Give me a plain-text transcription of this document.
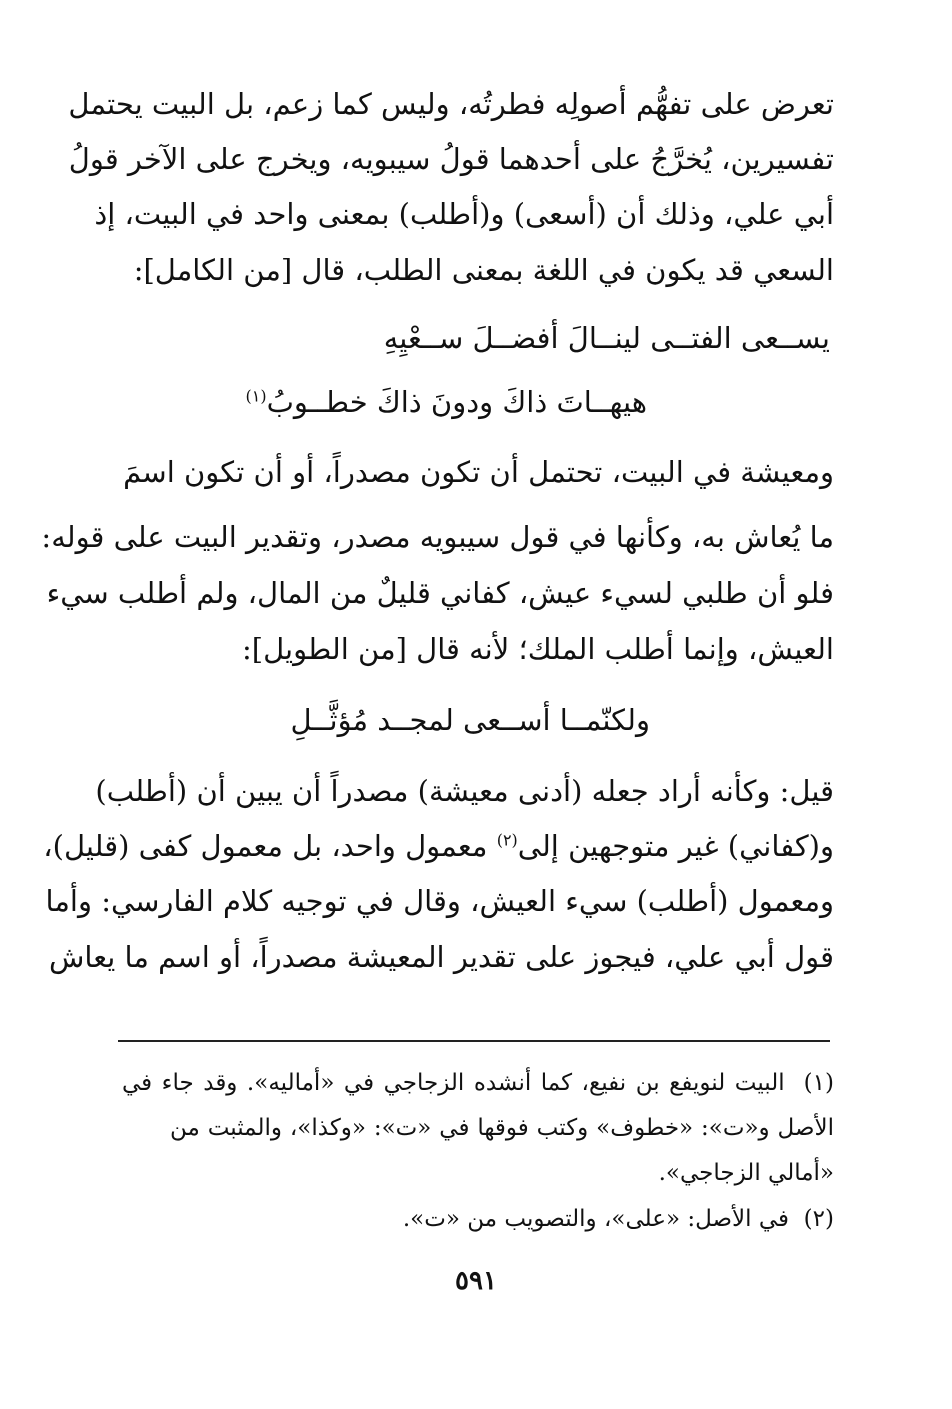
تعرض على تفهُّم أصولِه فطرتُه، وليس كما زعم، بل البيت يحتمل
تفسيرين، يُخرَّجُ على أحدهما قولُ سيبويه، ويخرج على الآخر قولُ
أبي علي، وذلك أن (أسعى) و(أطلب) بمعنى واحد في البيت، إذ
السعي قد يكون في اللغة بمعنى الطلب، قال [من الكامل]:
يســعى الفتــى لينــالَ أفضــلَ ســعْيِهِ
هيهــاتَ ذاكَ ودونَ ذاكَ خطــوبُ$^{(١)}$
ومعيشة في البيت، تحتمل أن تكون مصدراً، أو أن تكون اسمَ
ما يُعاش به، وكأنها في قول سيبويه مصدر، وتقدير البيت على قوله:
فلو أن طلبي لسيء عيش، كفاني قليلٌ من المال، ولم أطلب سيء
العيش، وإنما أطلب الملك؛ لأنه قال [من الطويل]:
ولكنّمــا أســعى لمجــد مُؤثَّــلِ
قيل: وكأنه أراد جعله (أدنى معيشة) مصدراً أن يبين أن (أطلب)
و(كفاني) غير متوجهين إلى$^{(٢)}$ معمول واحد، بل معمول كفى (قليل)،
ومعمول (أطلب) سيء العيش، وقال في توجيه كلام الفارسي: وأما
قول أبي علي، فيجوز على تقدير المعيشة مصدراً، أو اسم ما يعاش
(١)  البيت لنويفع بن نفيع، كما أنشده الزجاجي في «أماليه». وقد جاء في
الأصل و«ت»: «خطوف» وكتب فوقها في «ت»: «وكذا»، والمثبت من
«أمالي الزجاجي».
(٢)  في الأصل: «على»، والتصويب من «ت».
٥٩١
